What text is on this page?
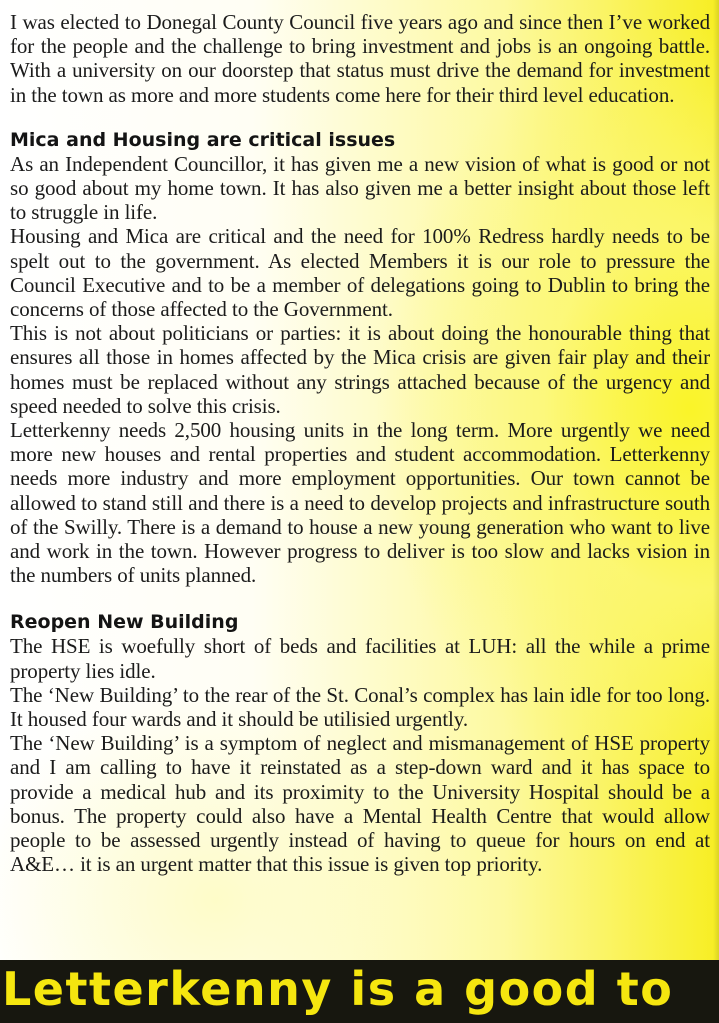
I was elected to Donegal County Council five years ago and since then I’ve worked for the people and the challenge to bring investment and jobs is an ongoing battle. With a university on our doorstep that status must drive the demand for investment in the town as more and more students come here for their third level education.

Mica and Housing are critical issues

As an Independent Councillor, it has given me a new vision of what is good or not so good about my home town. It has also given me a better insight about those left to struggle in life.

Housing and Mica are critical and the need for 100% Redress hardly needs to be spelt out to the government. As elected Members it is our role to pressure the Council Executive and to be a member of delegations going to Dublin to bring the concerns of those affected to the Government.

This is not about politicians or parties: it is about doing the honourable thing that ensures all those in homes affected by the Mica crisis are given fair play and their homes must be replaced without any strings attached because of the urgency and speed needed to solve this crisis.

Letterkenny needs 2,500 housing units in the long term. More urgently we need more new houses and rental properties and student accommodation. Letterkenny needs more industry and more employment opportunities. Our town cannot be allowed to stand still and there is a need to develop projects and infrastructure south of the Swilly. There is a demand to house a new young generation who want to live and work in the town. However progress to deliver is too slow and lacks vision in the numbers of units planned.

Reopen New Building

The HSE is woefully short of beds and facilities at LUH: all the while a prime property lies idle.

The ‘New Building’ to the rear of the St. Conal’s complex has lain idle for too long. It housed four wards and it should be utilisied urgently.

The ‘New Building’ is a symptom of neglect and mismanagement of HSE property and I am calling to have it reinstated as a step-down ward and it has space to provide a medical hub and its proximity to the University Hospital should be a bonus. The property could also have a Mental Health Centre that would allow people to be assessed urgently instead of having to queue for hours on end at A&E… it is an urgent matter that this issue is given top priority.

Letterkenny is a good to
